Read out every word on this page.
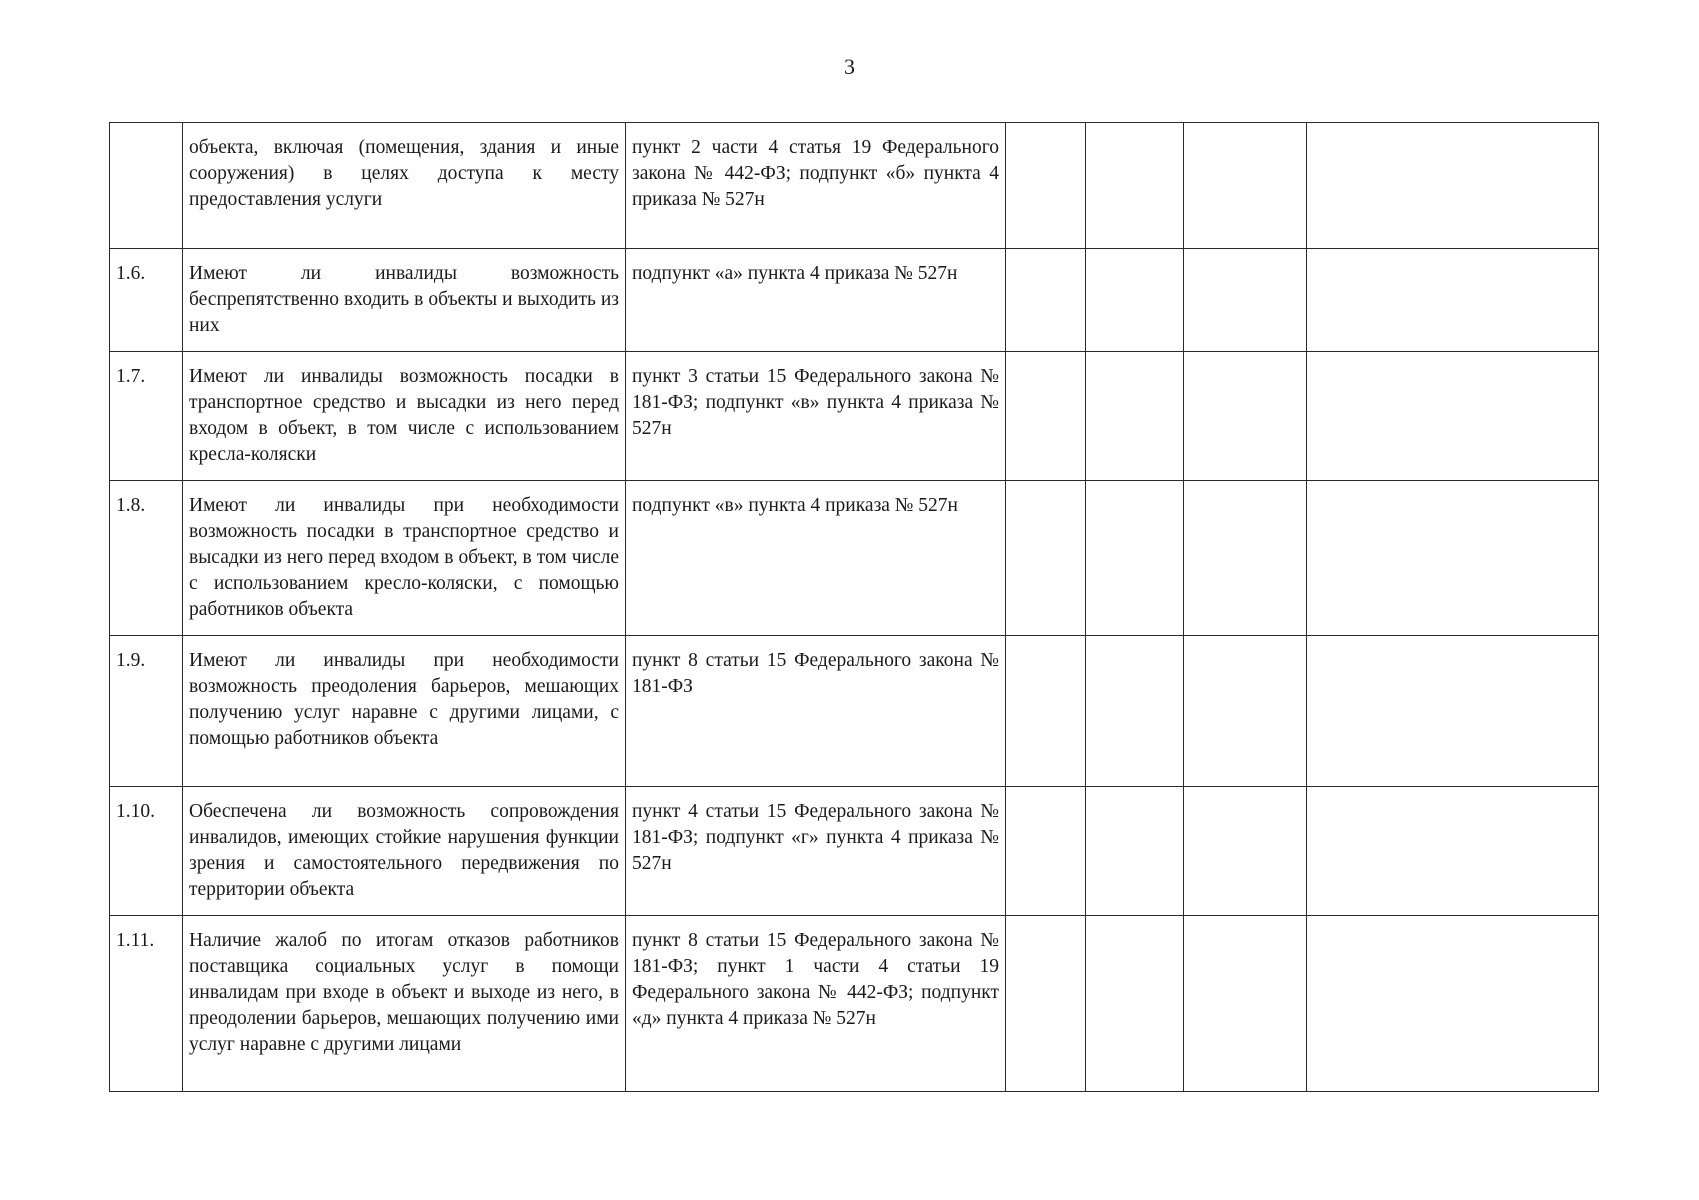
3
	объекта, включая (помещения, здания и иные сооружения) в целях доступа к месту предоставления услуги	пункт 2 части 4 статья 19 Федерального закона № 442-ФЗ; подпункт «б» пункта 4 приказа № 527н				
1.6.	Имеют ли инвалиды возможность беспрепятственно входить в объекты и выходить из них	подпункт «а» пункта 4 приказа № 527н				
1.7.	Имеют ли инвалиды возможность посадки в транспортное средство и высадки из него перед входом в объект, в том числе с использованием кресла-коляски	пункт 3 статьи 15 Федерального закона № 181-ФЗ; подпункт «в» пункта 4 приказа № 527н				
1.8.	Имеют ли инвалиды при необходимости возможность посадки в транспортное средство и высадки из него перед входом в объект, в том числе с использованием кресло-коляски, с помощью работников объекта	подпункт «в» пункта 4 приказа № 527н				
1.9.	Имеют ли инвалиды при необходимости возможность преодоления барьеров, мешающих получению услуг наравне с другими лицами, с помощью работников объекта	пункт 8 статьи 15 Федерального закона № 181-ФЗ				
1.10.	Обеспечена ли возможность сопровождения инвалидов, имеющих стойкие нарушения функции зрения и самостоятельного передвижения по территории объекта	пункт 4 статьи 15 Федерального закона № 181-ФЗ; подпункт «г» пункта 4 приказа № 527н				
1.11.	Наличие жалоб по итогам отказов работников поставщика социальных услуг в помощи инвалидам при входе в объект и выходе из него, в преодолении барьеров, мешающих получению ими услуг наравне с другими лицами	пункт 8 статьи 15 Федерального закона № 181-ФЗ; пункт 1 части 4 статьи 19 Федерального закона № 442-ФЗ; подпункт «д» пункта 4 приказа № 527н				
